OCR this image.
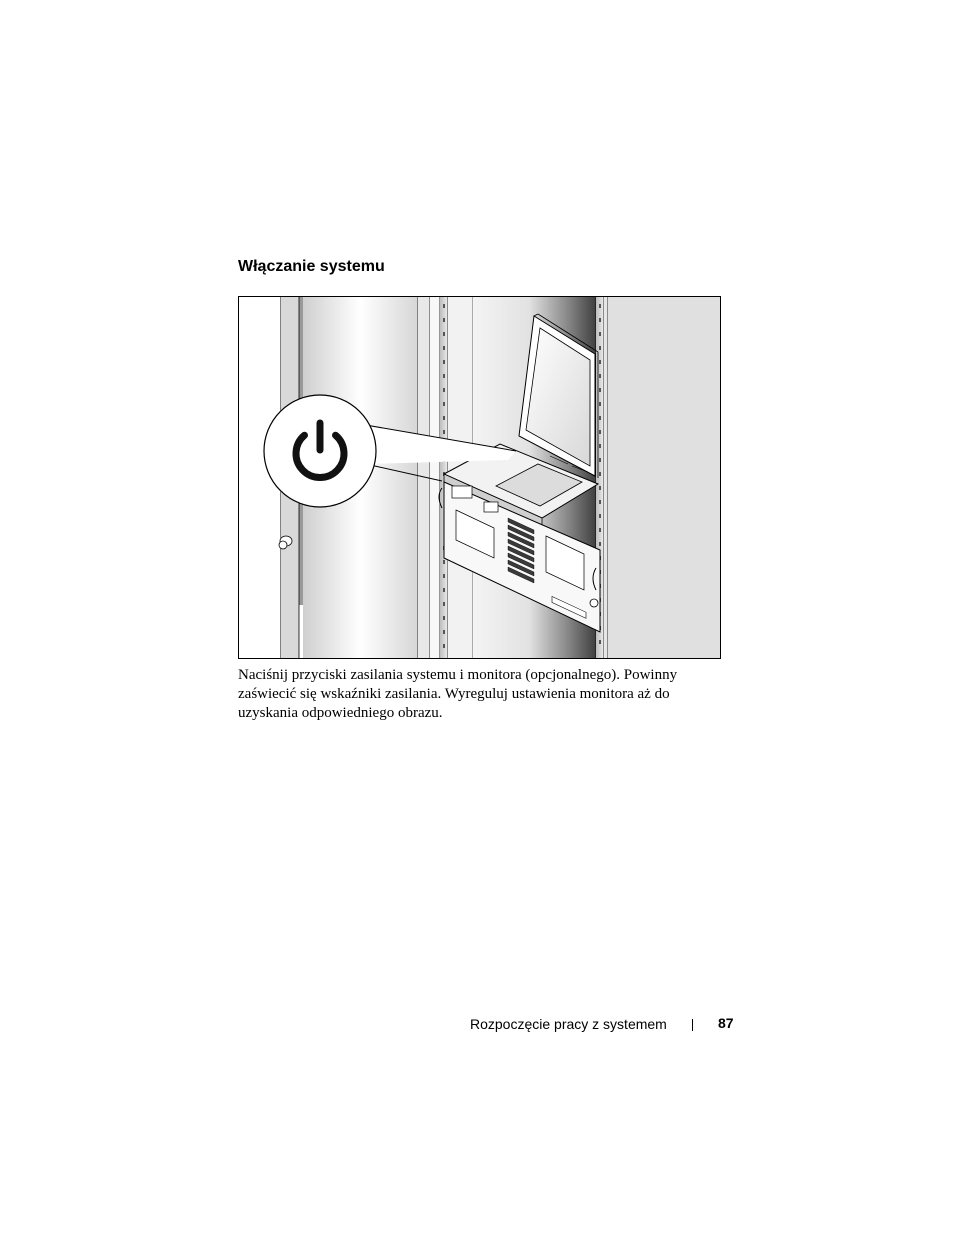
Włączanie systemu

Naciśnij przyciski zasilania systemu i monitora (opcjonalnego). Powinny
zaświecić się wskaźniki zasilania. Wyreguluj ustawienia monitora aż do
uzyskania odpowiedniego obrazu.

Rozpoczęcie pracy z systemem	87
